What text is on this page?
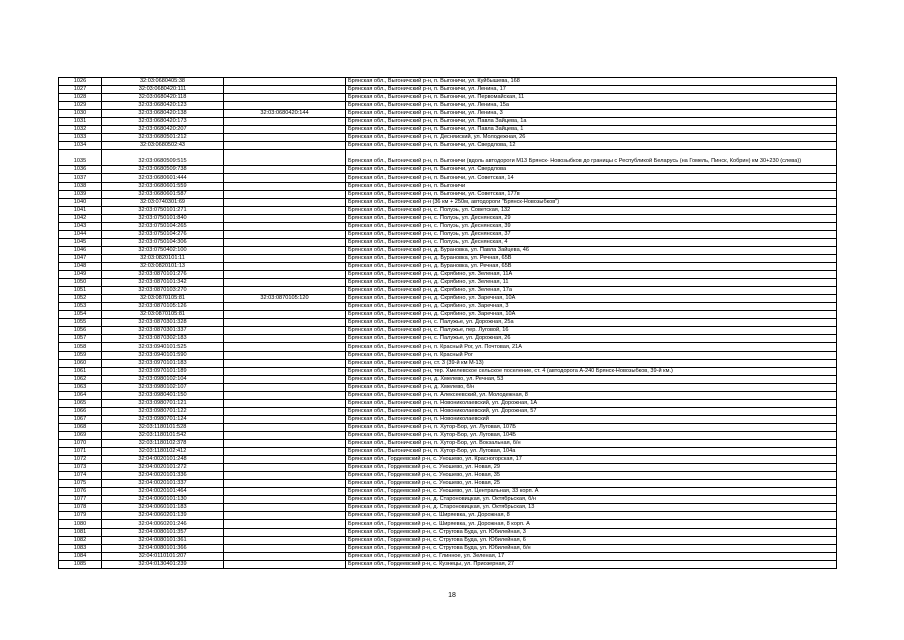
1026	32:03:0680405:38		Брянская обл., Выгоничский р-н, п. Выгоничи, ул. Куйбышева, 168
1027	32:03:0680420:111		Брянская обл., Выгоничский р-н, п. Выгоничи, ул. Ленина, 17
1028	32:03:0680420:118		Брянская обл., Выгоничский р-н, п. Выгоничи, ул. Первомайская, 11
1029	32:03:0680420:123		Брянская обл., Выгоничский р-н, п. Выгоничи, ул. Ленина, 15а
1030	32:03:0680420:138	32:03:0680420:144	Брянская обл., Выгоничский р-н, п. Выгоничи, ул. Ленина, 3
1031	32:03:0680420:173		Брянская обл., Выгоничский р-н, п. Выгоничи, ул. Павла Зайцева, 1а
1032	32:03:0680420:207		Брянская обл., Выгоничский р-н, п. Выгоничи, ул. Павла Зайцева, 1
1033	32:03:0680501:212		Брянская обл., Выгоничский р-н, п. Десняиский, ул. Молодежная, 26
1034	32:03:0680502:43		Брянская обл., Выгоничский р-н, п. Выгоничи, ул. Свердлова, 12
1035	32:03:0680509:515		Брянская обл., Выгоничский р-н, п. Выгоничи (вдоль автодороги М13 Брянск- Новозыбков до границы с Республикой Беларусь (на Гомель, Пинск, Кобрин) км 30+230 (слева))
1036	32:03:0680509:738		Брянская обл., Выгоничский р-н, п. Выгоничи, ул. Свердлова
1037	32:03:0680601:444		Брянская обл., Выгоничский р-н, п. Выгоничи, ул. Советская, 14
1038	32:03:0680601:559		Брянская обл., Выгоничский р-н, п. Выгоничи
1039	32:03:0680601:587		Брянская обл., Выгоничский р-н, п. Выгоничи, ул. Советская, 177в
1040	32:03:0740301:69		Брянская обл., Выгоничский р-н (36 км + 250м, автодороги "Брянск-Новозыбков")
1041	32:03:0750101:271		Брянская обл., Выгоничский р-н, с. Полуэь, ул. Советская, 132
1042	32:03:0750101:840		Брянская обл., Выгоничский р-н, с. Полуэь, ул. Деснянская, 29
1043	32:03:0750104:265		Брянская обл., Выгоничский р-н, с. Полуэь, ул. Деснянская, 39
1044	32:03:0750104:276		Брянская обл., Выгоничский р-н, с. Полуэь, ул. Деснянская, 37
1045	32:03:0750104:306		Брянская обл., Выгоничский р-н, с. Полуэь, ул. Деснянская, 4
1046	32:03:0750402:100		Брянская обл., Выгоничский р-н, д. Бурановка, ул. Павла Зайцева, 46
1047	32:03:0820101:11		Брянская обл., Выгоничский р-н, д. Бурановка, ул. Речная, 65В
1048	32:03:0820101:13		Брянская обл., Выгоничский р-н, д. Бурановка, ул. Речная, 65В
1049	32:03:0870101:276		Брянская обл., Выгоничский р-н, д. Скрябино, ул. Зеленая, 11А
1050	32:03:0870101:342		Брянская обл., Выгоничский р-н, д. Скрябино, ул. Зеленая, 11
1051	32:03:0870103:270		Брянская обл., Выгоничский р-н, д. Скрябино, ул. Зеленая, 17а
1052	32:03:0870105:81	32:03:0870105:120	Брянская обл., Выгоничский р-н, д. Скрябино, ул. Заречная, 10А
1053	32:03:0870105:126		Брянская обл., Выгоничский р-н, д. Скрябино, ул. Заречная, 3
1054	32:03:0870105:81		Брянская обл., Выгоничский р-н, д. Скрябино, ул. Заречная, 10А
1055	32:03:0870301:328		Брянская обл., Выгоничский р-н, с. Палужье, ул. Дорожная, 25а
1056	32:03:0870301:337		Брянская обл., Выгоничский р-н, с. Палужье, пер. Луговой, 16
1057	32:03:0870302:183		Брянская обл., Выгоничский р-н, с. Палужье, ул. Дорожная, 26
1058	32:03:0940101:525		Брянская обл., Выгоничский р-н, п. Красный Рог, ул. Почтовая, 21А
1059	32:03:0940101:590		Брянская обл., Выгоничский р-н, п. Красный Рог
1060	32:03:0970101:183		Брянская обл., Выгоничский р-н, ст. 3 (39-й км М-13)
1061	32:03:0970101:189		Брянская обл., Выгоничский р-н, тер. Хмелевское сельское поселение, ст. 4 (автодорога А-240 Брянск-Новозыбков, 39-й км.)
1062	32:03:0980102:104		Брянская обл., Выгоничский р-н, д. Хмелево, ул. Речная, 53
1063	32:03:0980102:107		Брянская обл., Выгоничский р-н, д. Хмелево, б/н
1064	32:03:0980401:150		Брянская обл., Выгоничский р-н, п. Алексеевский, ул. Молодежная, 8
1065	32:03:0980701:121		Брянская обл., Выгоничский р-н, п. Новониколаевский, ул. Дорожная, 1А
1066	32:03:0980701:122		Брянская обл., Выгоничский р-н, п. Новониколаевский, ул. Дорожная, 57
1067	32:03:0980701:124		Брянская обл., Выгоничский р-н, п. Новониколаевский
1068	32:03:1180101:528		Брянская обл., Выгоничский р-н, п. Хутор-Бор, ул. Луговая, 107Б
1069	32:03:1180101:542		Брянская обл., Выгоничский р-н, п. Хутор-Бор, ул. Луговая, 104Б
1070	32:03:1180102:378		Брянская обл., Выгоничский р-н, п. Хутор-Бор, ул. Вокзальная, б/н
1071	32:03:1180102:412		Брянская обл., Выгоничский р-н, п. Хутор-Бор, ул. Луговая, 104а
1072	32:04:0020101:248		Брянская обл., Гордеевский р-н, с. Уношево, ул. Красногорская, 17
1073	32:04:0020101:272		Брянская обл., Гордеевский р-н, с. Уношево, ул. Новая, 29
1074	32:04:0020101:336		Брянская обл., Гордеевский р-н, с. Уношево, ул. Новая, 35
1075	32:04:0020101:337		Брянская обл., Гордеевский р-н, с. Уношево, ул. Новая, 25
1076	32:04:0020101:464		Брянская обл., Гордеевский р-н, с. Уношево, ул. Центральная, 33 корп. А
1077	32:04:0060101:130		Брянская обл., Гордеевский р-н, д. Староновицкая, ул. Октябрьская, б/н
1078	32:04:0060101:183		Брянская обл., Гордеевский р-н, д. Староновицкая, ул. Октябрьская, 13
1079	32:04:0060201:139		Брянская обл., Гордеевский р-н, с. Ширяевка, ул. Дорожная, 8
1080	32:04:0060201:246		Брянская обл., Гордеевский р-н, с. Ширяевка, ул. Дорожная, 8 корп. А
1081	32:04:0080101:357		Брянская обл., Гордеевский р-н, с. Струговa Буда, ул. Юбилейная, 3
1082	32:04:0080101:361		Брянская обл., Гордеевский р-н, с. Струговa Буда, ул. Юбилейная, 6
1083	32:04:0080101:366		Брянская обл., Гордеевский р-н, с. Струговa Буда, ул. Юбилейная, б/н
1084	32:04:0110101:207		Брянская обл., Гордеевский р-н, с. Глинное, ул. Зеленая, 17
1085	32:04:0130401:239		Брянская обл., Гордеевский р-н, с. Кузнецы, ул. Приозерная, 27
18
